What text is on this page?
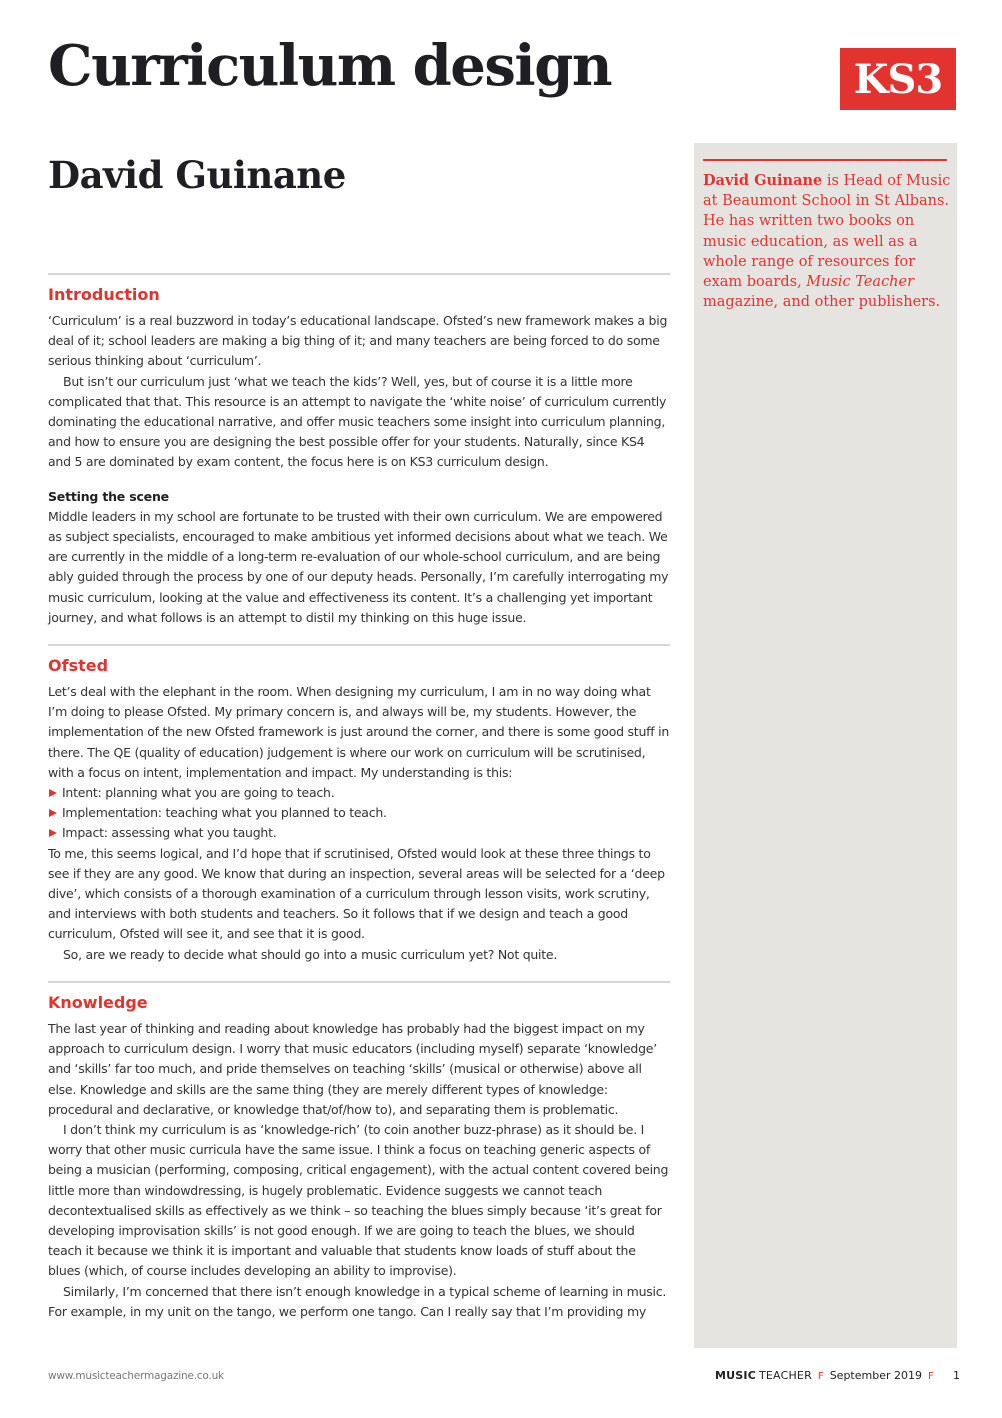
Curriculum design	KS3
David Guinane	David Guinane is Head of Music at Beaumont School in St Albans. He has written two books on music education, as well as a whole range of resources for exam boards, Music Teacher magazine, and other publishers.

Introduction

‘Curriculum’ is a real buzzword in today’s educational landscape. Ofsted’s new framework makes a big deal of it; school leaders are making a big thing of it; and many teachers are being forced to do some serious thinking about ‘curriculum’.

But isn’t our curriculum just ‘what we teach the kids’? Well, yes, but of course it is a little more complicated that that. This resource is an attempt to navigate the ‘white noise’ of curriculum currently dominating the educational narrative, and offer music teachers some insight into curriculum planning, and how to ensure you are designing the best possible offer for your students. Naturally, since KS4 and 5 are dominated by exam content, the focus here is on KS3 curriculum design.

Setting the scene

Middle leaders in my school are fortunate to be trusted with their own curriculum. We are empowered as subject specialists, encouraged to make ambitious yet informed decisions about what we teach. We are currently in the middle of a long-term re-evaluation of our whole-school curriculum, and are being ably guided through the process by one of our deputy heads. Personally, I’m carefully interrogating my music curriculum, looking at the value and effectiveness its content. It’s a challenging yet important journey, and what follows is an attempt to distil my thinking on this huge issue.

Ofsted

Let’s deal with the elephant in the room. When designing my curriculum, I am in no way doing what I’m doing to please Ofsted. My primary concern is, and always will be, my students. However, the implementation of the new Ofsted framework is just around the corner, and there is some good stuff in there. The QE (quality of education) judgement is where our work on curriculum will be scrutinised, with a focus on intent, implementation and impact. My understanding is this:

Intent: planning what you are going to teach.
Implementation: teaching what you planned to teach.
Impact: assessing what you taught.

To me, this seems logical, and I’d hope that if scrutinised, Ofsted would look at these three things to see if they are any good. We know that during an inspection, several areas will be selected for a ‘deep dive’, which consists of a thorough examination of a curriculum through lesson visits, work scrutiny, and interviews with both students and teachers. So it follows that if we design and teach a good curriculum, Ofsted will see it, and see that it is good.

So, are we ready to decide what should go into a music curriculum yet? Not quite.

Knowledge

The last year of thinking and reading about knowledge has probably had the biggest impact on my approach to curriculum design. I worry that music educators (including myself) separate ‘knowledge’ and ‘skills’ far too much, and pride themselves on teaching ‘skills’ (musical or otherwise) above all else. Knowledge and skills are the same thing (they are merely different types of knowledge: procedural and declarative, or knowledge that/of/how to), and separating them is problematic.

I don’t think my curriculum is as ‘knowledge-rich’ (to coin another buzz-phrase) as it should be. I worry that other music curricula have the same issue. I think a focus on teaching generic aspects of being a musician (performing, composing, critical engagement), with the actual content covered being little more than windowdressing, is hugely problematic. Evidence suggests we cannot teach decontextualised skills as effectively as we think – so teaching the blues simply because ‘it’s great for developing improvisation skills’ is not good enough. If we are going to teach the blues, we should teach it because we think it is important and valuable that students know loads of stuff about the blues (which, of course includes developing an ability to improvise).

Similarly, I’m concerned that there isn’t enough knowledge in a typical scheme of learning in music. For example, in my unit on the tango, we perform one tango. Can I really say that I’m providing my

www.musicteachermagazine.co.uk	MUSIC TEACHER F September 2019 F 1
